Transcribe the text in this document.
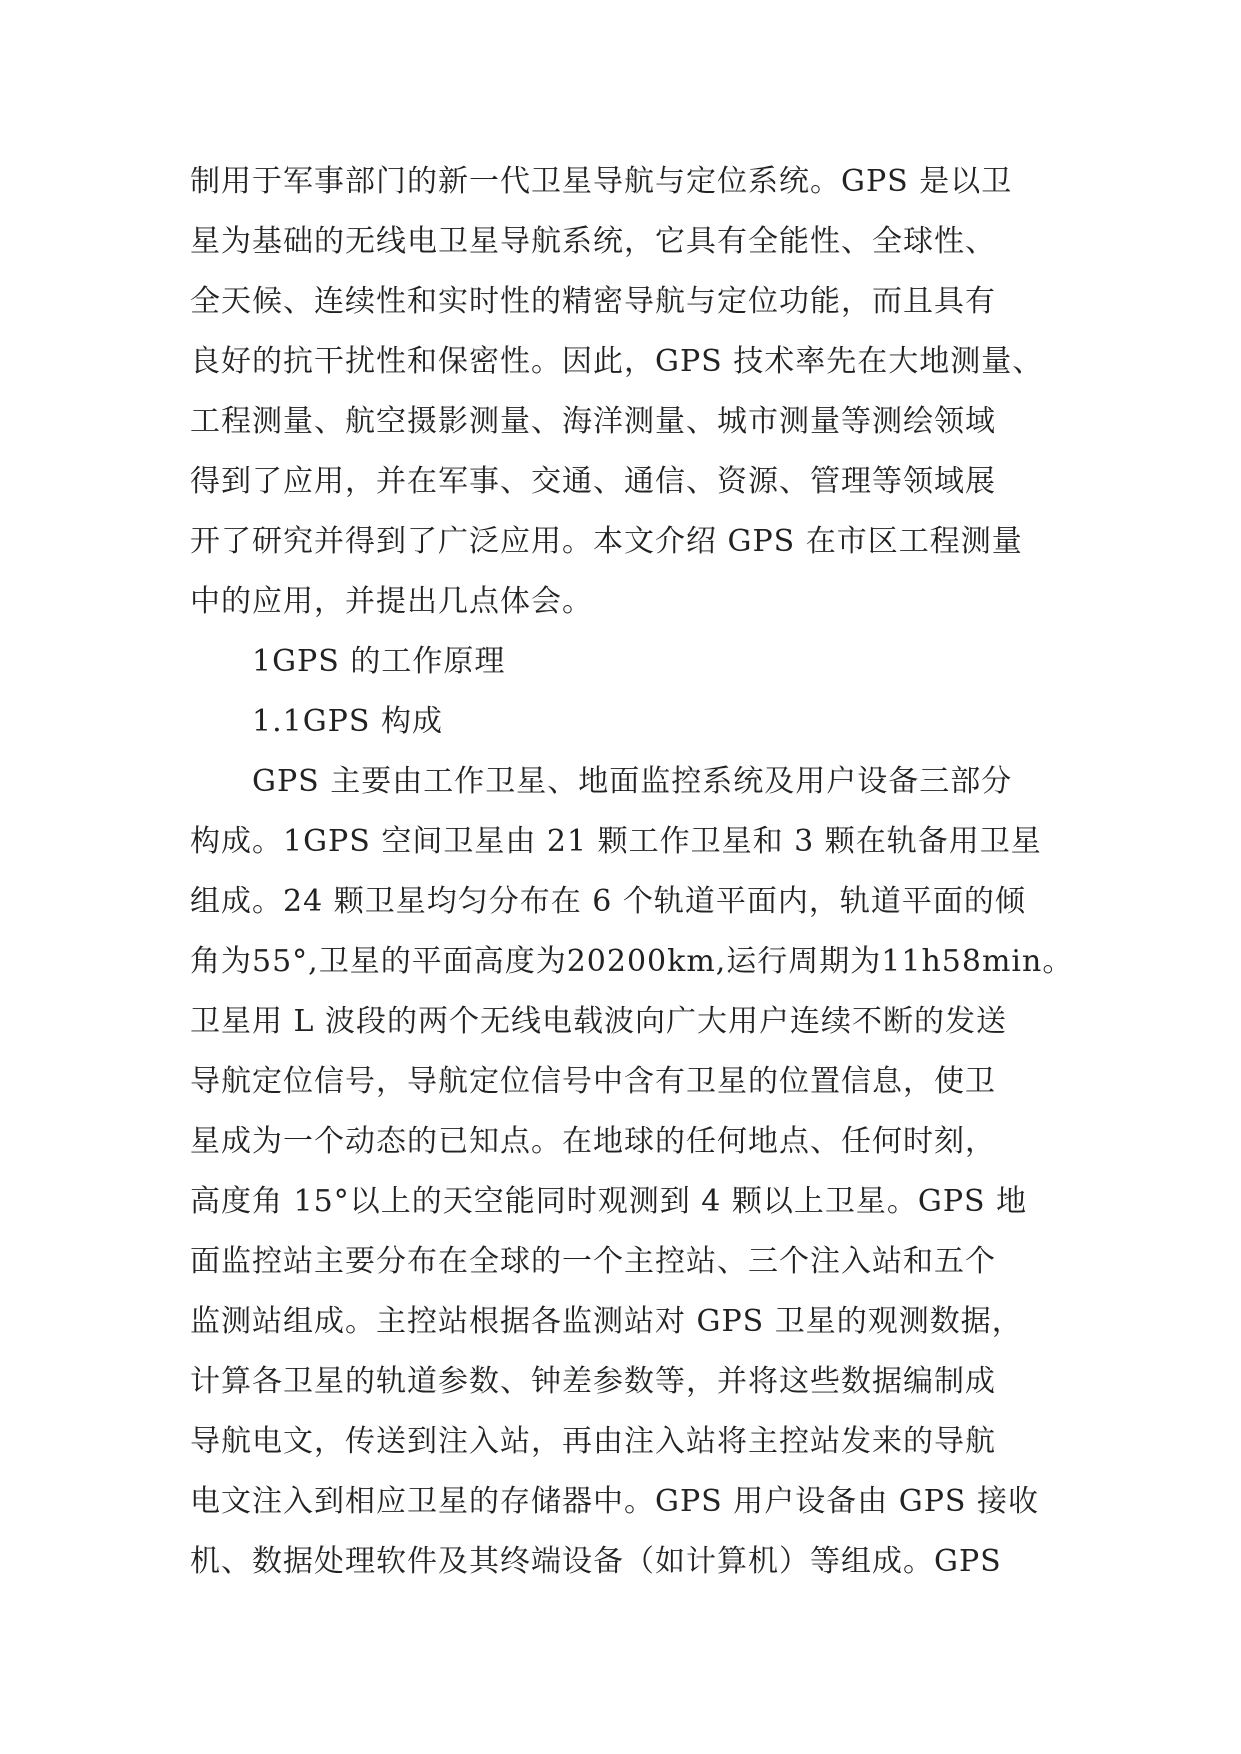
制用于军事部门的新一代卫星导航与定位系统。GPS 是以卫
星为基础的无线电卫星导航系统，它具有全能性、全球性、
全天候、连续性和实时性的精密导航与定位功能，而且具有
良好的抗干扰性和保密性。因此，GPS 技术率先在大地测量、
工程测量、航空摄影测量、海洋测量、城市测量等测绘领域
得到了应用，并在军事、交通、通信、资源、管理等领域展
开了研究并得到了广泛应用。本文介绍 GPS 在市区工程测量
中的应用，并提出几点体会。
1GPS 的工作原理
1.1GPS 构成
GPS 主要由工作卫星、地面监控系统及用户设备三部分
构成。1GPS 空间卫星由 21 颗工作卫星和 3 颗在轨备用卫星
组成。24 颗卫星均匀分布在 6 个轨道平面内，轨道平面的倾
角为55°,卫星的平面高度为20200km,运行周期为11h58min。
卫星用 L 波段的两个无线电载波向广大用户连续不断的发送
导航定位信号，导航定位信号中含有卫星的位置信息，使卫
星成为一个动态的已知点。在地球的任何地点、任何时刻，
高度角 15°以上的天空能同时观测到 4 颗以上卫星。GPS 地
面监控站主要分布在全球的一个主控站、三个注入站和五个
监测站组成。主控站根据各监测站对 GPS 卫星的观测数据，
计算各卫星的轨道参数、钟差参数等，并将这些数据编制成
导航电文，传送到注入站，再由注入站将主控站发来的导航
电文注入到相应卫星的存储器中。GPS 用户设备由 GPS 接收
机、数据处理软件及其终端设备（如计算机）等组成。GPS
